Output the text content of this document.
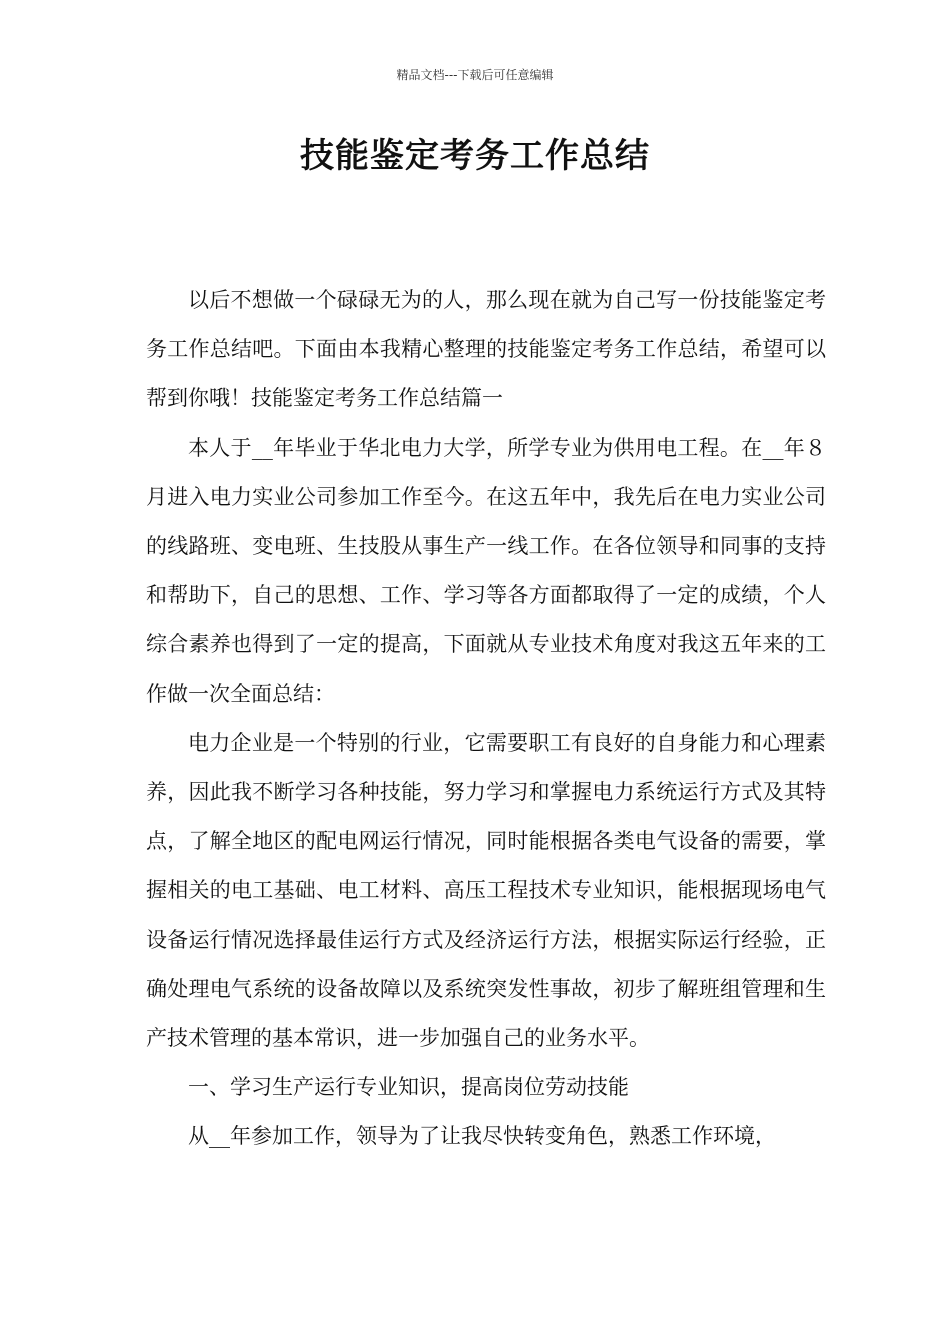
精品文档---下载后可任意编辑
技能鉴定考务工作总结

以后不想做一个碌碌无为的人，那么现在就为自己写一份技能鉴定考务工作总结吧。下面由本我精心整理的技能鉴定考务工作总结，希望可以帮到你哦！技能鉴定考务工作总结篇一

本人于__年毕业于华北电力大学，所学专业为供用电工程。在__年８月进入电力实业公司参加工作至今。在这五年中，我先后在电力实业公司的线路班、变电班、生技股从事生产一线工作。在各位领导和同事的支持和帮助下，自己的思想、工作、学习等各方面都取得了一定的成绩，个人综合素养也得到了一定的提高，下面就从专业技术角度对我这五年来的工作做一次全面总结：

电力企业是一个特别的行业，它需要职工有良好的自身能力和心理素养，因此我不断学习各种技能，努力学习和掌握电力系统运行方式及其特点，了解全地区的配电网运行情况，同时能根据各类电气设备的需要，掌握相关的电工基础、电工材料、高压工程技术专业知识，能根据现场电气设备运行情况选择最佳运行方式及经济运行方法，根据实际运行经验，正确处理电气系统的设备故障以及系统突发性事故，初步了解班组管理和生产技术管理的基本常识，进一步加强自己的业务水平。

一、学习生产运行专业知识，提高岗位劳动技能

从__年参加工作，领导为了让我尽快转变角色，熟悉工作环境，
